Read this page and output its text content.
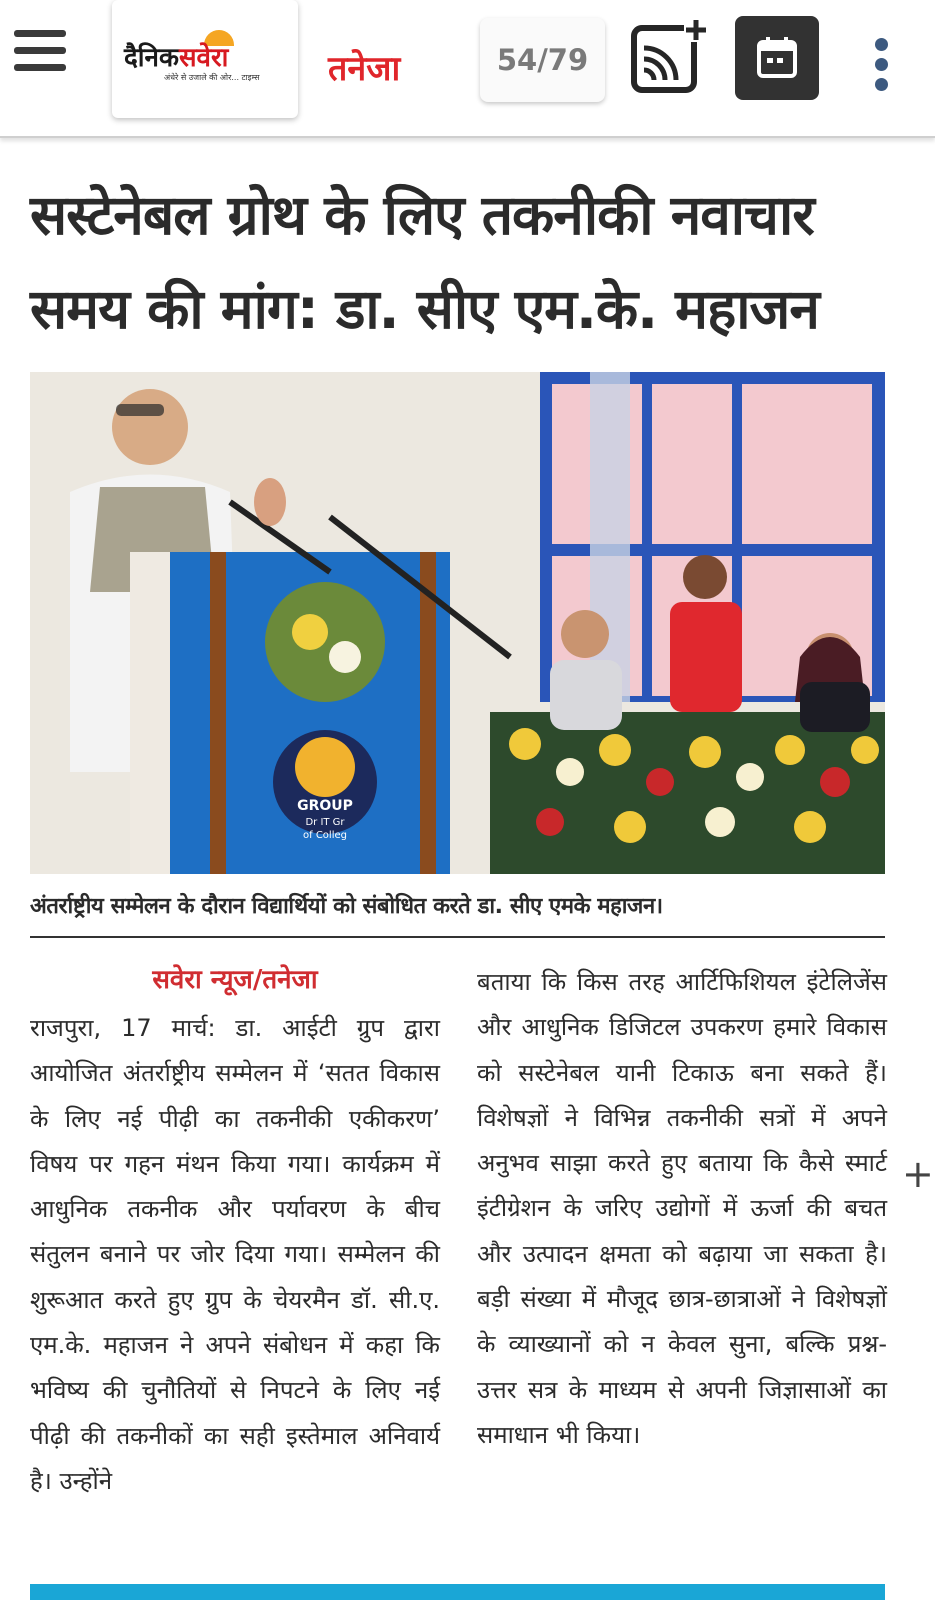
दैनिकसवेरा
अंधेरे से उजाले की ओर... टाइम्स तनेजा	54/79
सस्टेनेबल ग्रोथ के लिए तकनीकी नवाचार
समय की मांग: डा. सीए एम.के. महाजन
GROUP
Dr IT Gr
of Colleg
अंतर्राष्ट्रीय सम्मेलन के दौरान विद्यार्थियों को संबोधित करते डा. सीए एमके महाजन।
सवेरा न्यूज/तनेजा
राजपुरा, 17 मार्च: डा. आईटी ग्रुप द्वारा आयोजित अंतर्राष्ट्रीय सम्मेलन में ‘सतत विकास के लिए नई पीढ़ी का तकनीकी एकीकरण’ विषय पर गहन मंथन किया गया। कार्यक्रम में आधुनिक तकनीक और पर्यावरण के बीच संतुलन बनाने पर जोर दिया गया। सम्मेलन की शुरूआत करते हुए ग्रुप के चेयरमैन डॉ. सी.ए. एम.के. महाजन ने अपने संबोधन में कहा कि भविष्य की चुनौतियों से निपटने के लिए नई पीढ़ी की तकनीकों का सही इस्तेमाल अनिवार्य है। उन्होंने
बताया कि किस तरह आर्टिफिशियल इंटेलिजेंस और आधुनिक डिजिटल उपकरण हमारे विकास को सस्टेनेबल यानी टिकाऊ बना सकते हैं। विशेषज्ञों ने विभिन्न तकनीकी सत्रों में अपने अनुभव साझा करते हुए बताया कि कैसे स्मार्ट इंटीग्रेशन के जरिए उद्योगों में ऊर्जा की बचत और उत्पादन क्षमता को बढ़ाया जा सकता है। बड़ी संख्या में मौजूद छात्र-छात्राओं ने विशेषज्ञों के व्याख्यानों को न केवल सुना, बल्कि प्रश्न-उत्तर सत्र के माध्यम से अपनी जिज्ञासाओं का समाधान भी किया।
+
